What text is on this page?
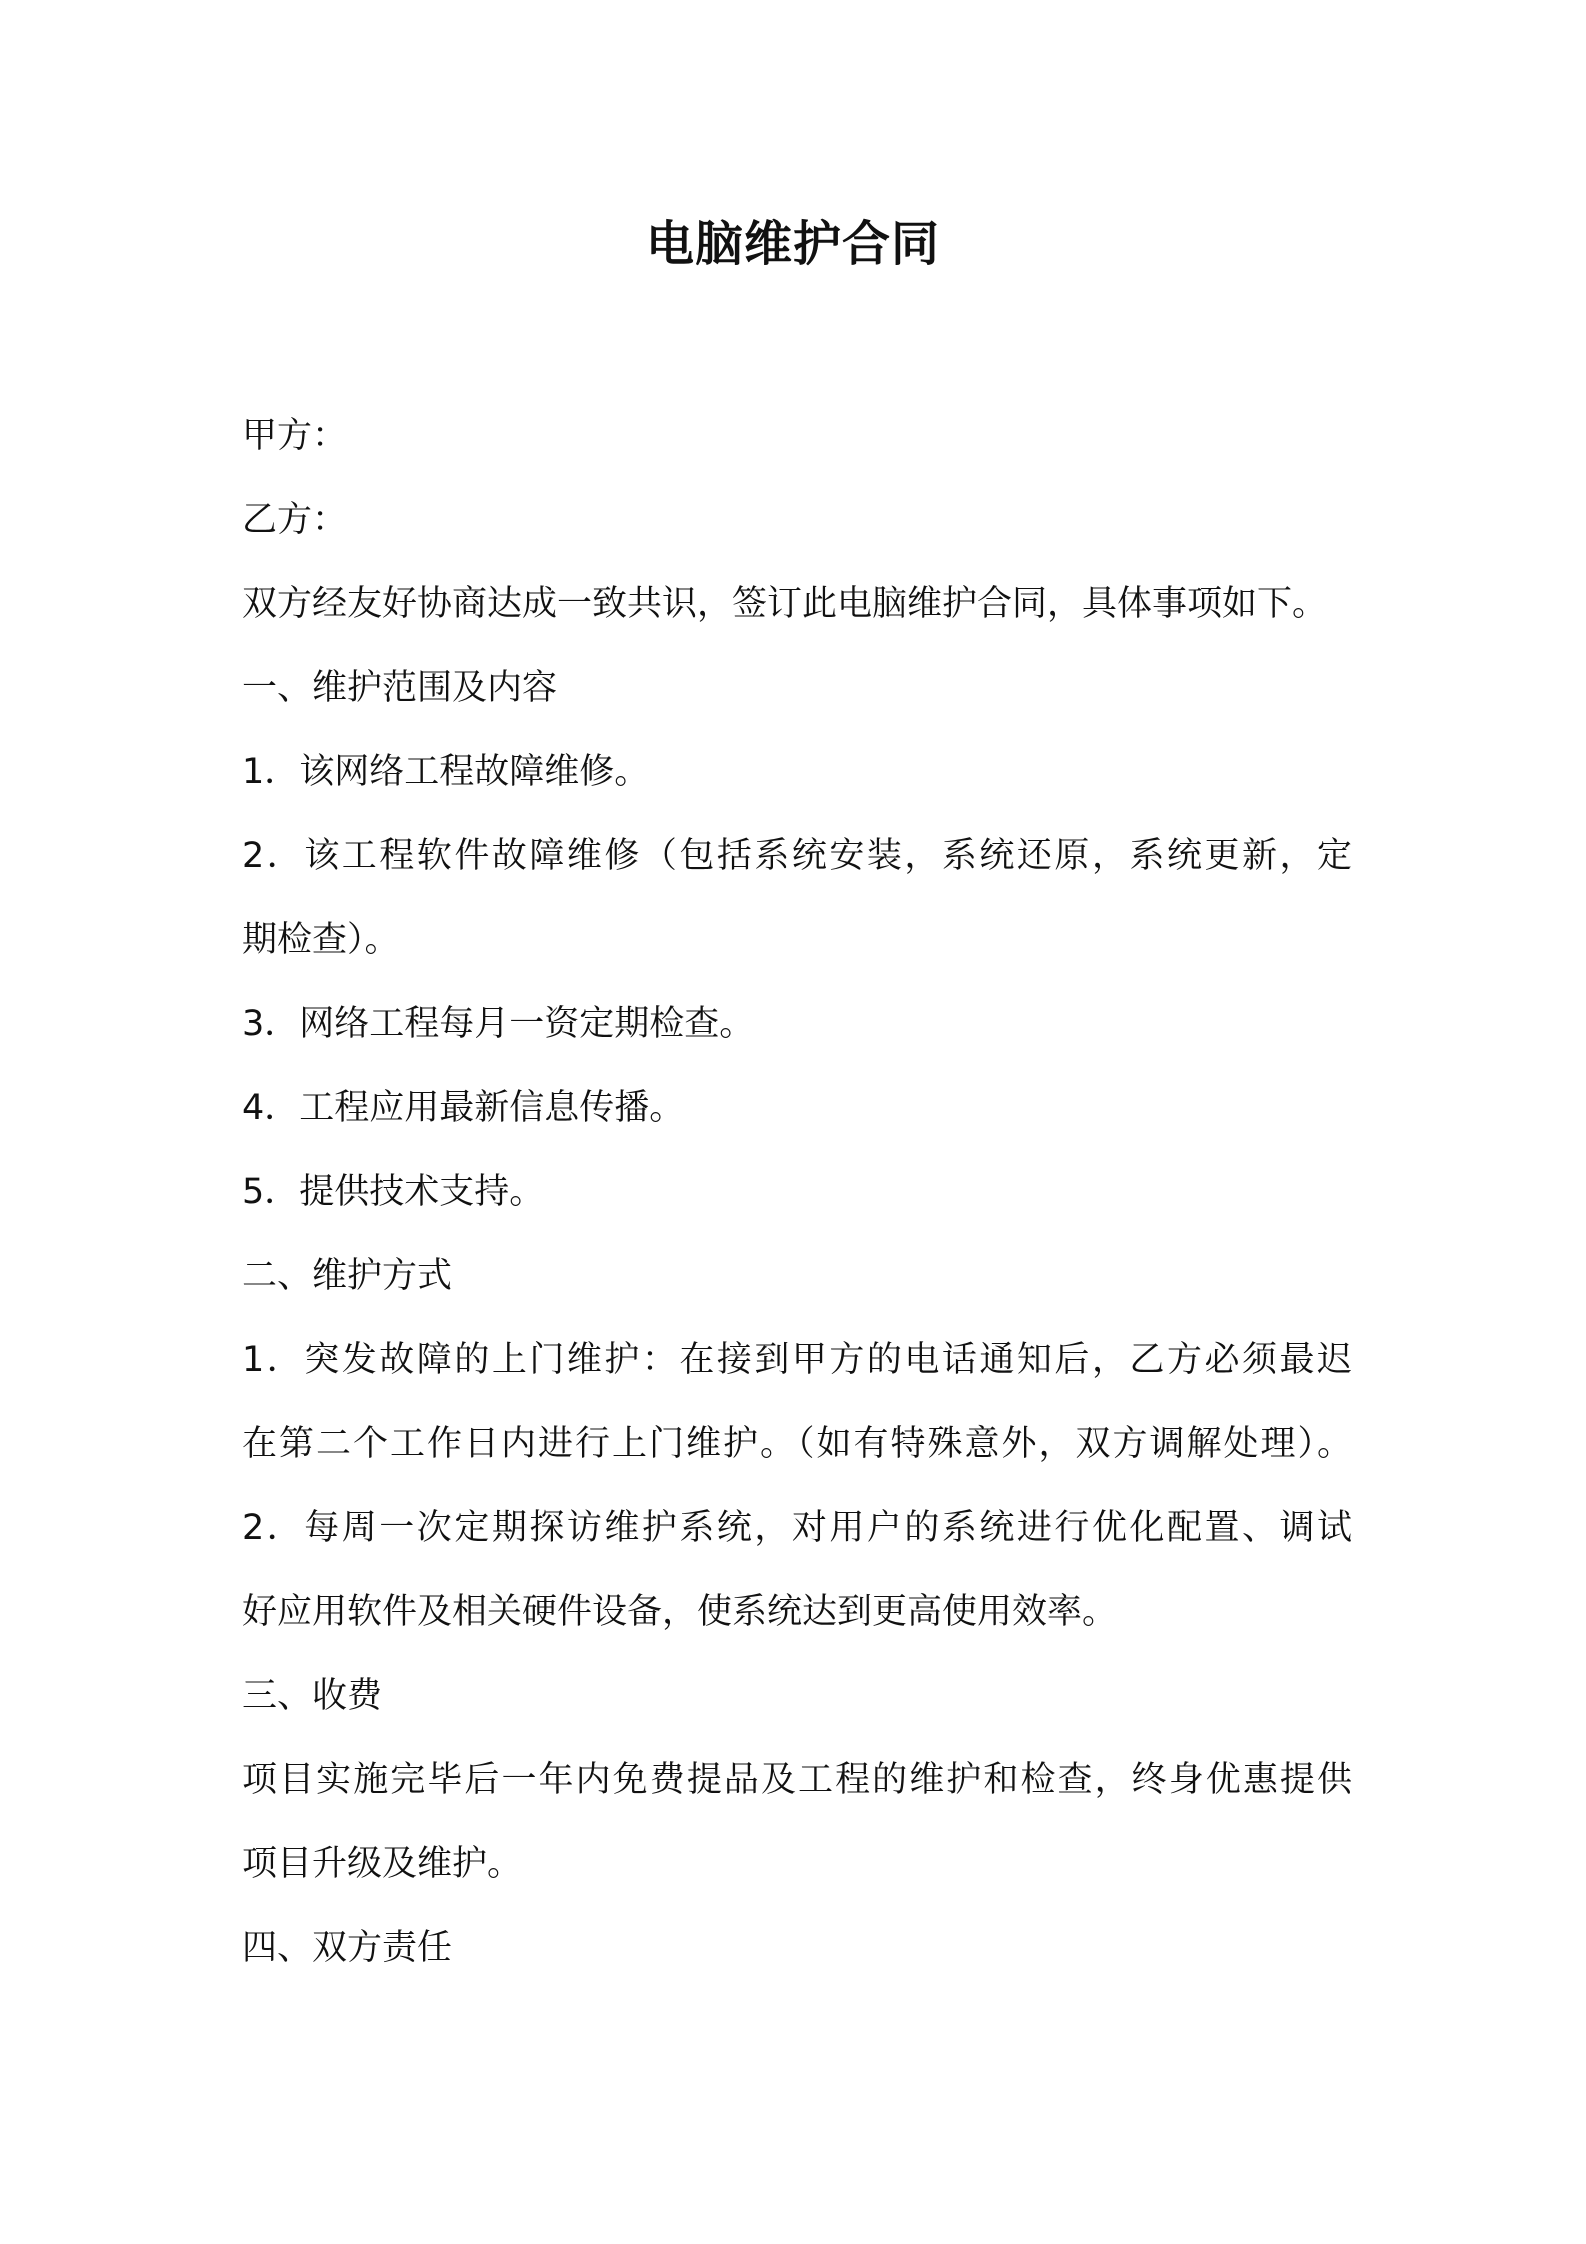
电脑维护合同
甲方：
乙方：
双方经友好协商达成一致共识，签订此电脑维护合同，具体事项如下。
一、维护范围及内容
1．该网络工程故障维修。
2．该工程软件故障维修（包括系统安装，系统还原，系统更新，定
期检查）。
3．网络工程每月一资定期检查。
4．工程应用最新信息传播。
5．提供技术支持。
二、维护方式
1．突发故障的上门维护：在接到甲方的电话通知后，乙方必须最迟
在第二个工作日内进行上门维护。（如有特殊意外，双方调解处理）。
2．每周一次定期探访维护系统，对用户的系统进行优化配置、调试
好应用软件及相关硬件设备，使系统达到更高使用效率。
三、收费
项目实施完毕后一年内免费提品及工程的维护和检查，终身优惠提供
项目升级及维护。
四、双方责任
